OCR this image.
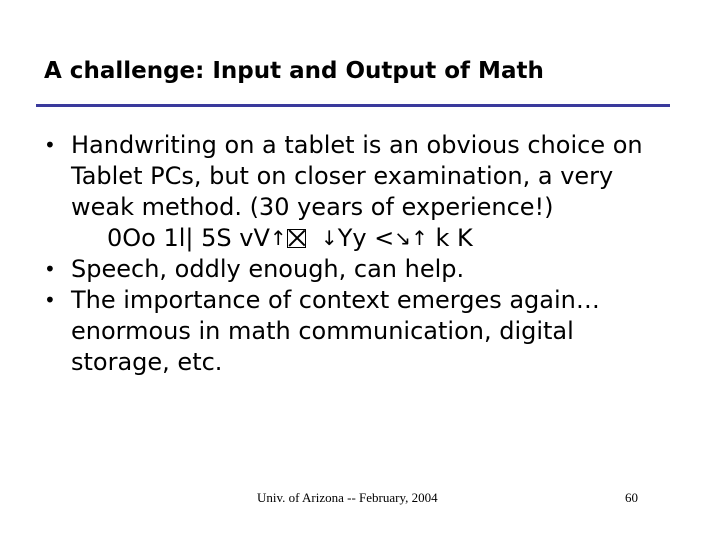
A challenge: Input and Output of Math
• Handwriting on a tablet is an obvious choice on
Tablet PCs, but on closer examination, a very
weak method. (30 years of experience!)
0Oo 1l| 5S vV↑ ↓Yy <↘↑ k K
• Speech, oddly enough, can help.
• The importance of context emerges again…
enormous in math communication, digital
storage, etc.
Univ. of Arizona -- February, 2004	60
